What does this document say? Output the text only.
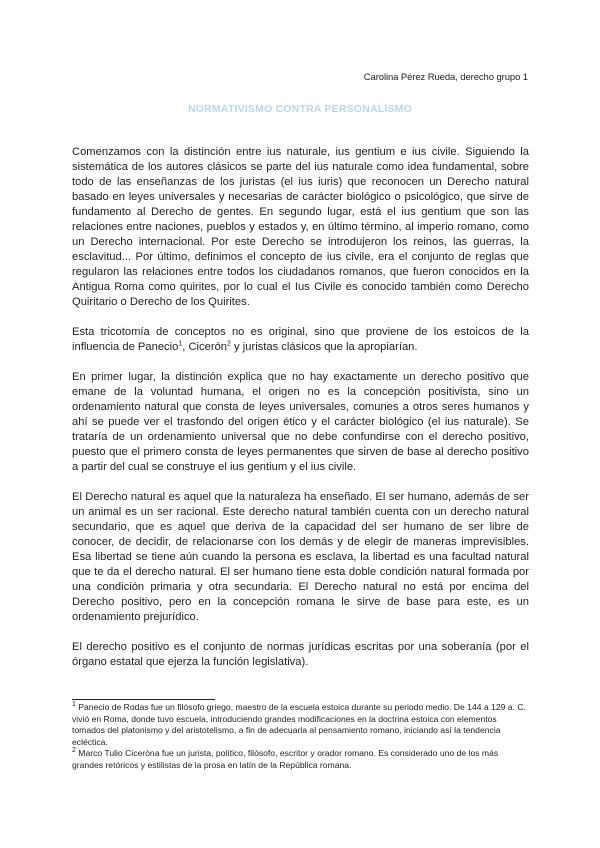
Carolina Pérez Rueda, derecho grupo 1
NORMATIVISMO CONTRA PERSONALISMO

Comenzamos con la distinción entre ius naturale, ius gentium e ius civile. Siguiendo la sistemática de los autores clásicos se parte del ius naturale como idea fundamental, sobre todo de las enseñanzas de los juristas (el ius iuris) que reconocen un Derecho natural basado en leyes universales y necesarias de carácter biológico o psicológico, que sirve de fundamento al Derecho de gentes. En segundo lugar, está el ius gentium que son las relaciones entre naciones, pueblos y estados y, en último término, al imperio romano, como un Derecho internacional. Por este Derecho se introdujeron los reinos, las guerras, la esclavitud... Por último, definimos el concepto de ius civile, era el conjunto de reglas que regularon las relaciones entre todos los ciudadanos romanos, que fueron conocidos en la Antigua Roma como quirites, por lo cual el Ius Civile es conocido también como Derecho Quiritario o Derecho de los Quirites.

Esta tricotomía de conceptos no es original, sino que proviene de los estoicos de la influencia de Panecio$^1$, Cicerón$^2$ y juristas clásicos que la apropiarían.

En primer lugar, la distinción explica que no hay exactamente un derecho positivo que emane de la voluntad humana, el origen no es la concepción positivista, sino un ordenamiento natural que consta de leyes universales, comunes a otros seres humanos y ahí se puede ver el trasfondo del origen ético y el carácter biológico (el ius naturale). Se trataría de un ordenamiento universal que no debe confundirse con el derecho positivo, puesto que el primero consta de leyes permanentes que sirven de base al derecho positivo a partir del cual se construye el ius gentium y el ius civile.

El Derecho natural es aquel que la naturaleza ha enseñado. El ser humano, además de ser un animal es un ser racional. Este derecho natural también cuenta con un derecho natural secundario, que es aquel que deriva de la capacidad del ser humano de ser libre de conocer, de decidir, de relacionarse con los demás y de elegir de maneras imprevisibles. Esa libertad se tiene aún cuando la persona es esclava, la libertad es una facultad natural que te da el derecho natural. El ser humano tiene esta doble condición natural formada por una condición primaria y otra secundaria. El Derecho natural no está por encima del Derecho positivo, pero en la concepción romana le sirve de base para este, es un ordenamiento prejurídico.

El derecho positivo es el conjunto de normas jurídicas escritas por una soberanía (por el órgano estatal que ejerza la función legislativa).

$^1$ Panecio de Rodas fue un filósofo griego, maestro de la escuela estoica durante su periodo medio. De 144 a 129 a. C. vivió en Roma, donde tuvo escuela, introduciendo grandes modificaciones en la doctrina estoica con elementos tomados del platonismo y del aristotelismo, a fin de adecuarla al pensamiento romano, iniciando así la tendencia ecléctica.

$^2$ Marco Tulio Cicerónа fue un jurista, político, filósofo, escritor y orador romano. Es considerado uno de los más grandes retóricos y estilistas de la prosa en latín de la República romana.
